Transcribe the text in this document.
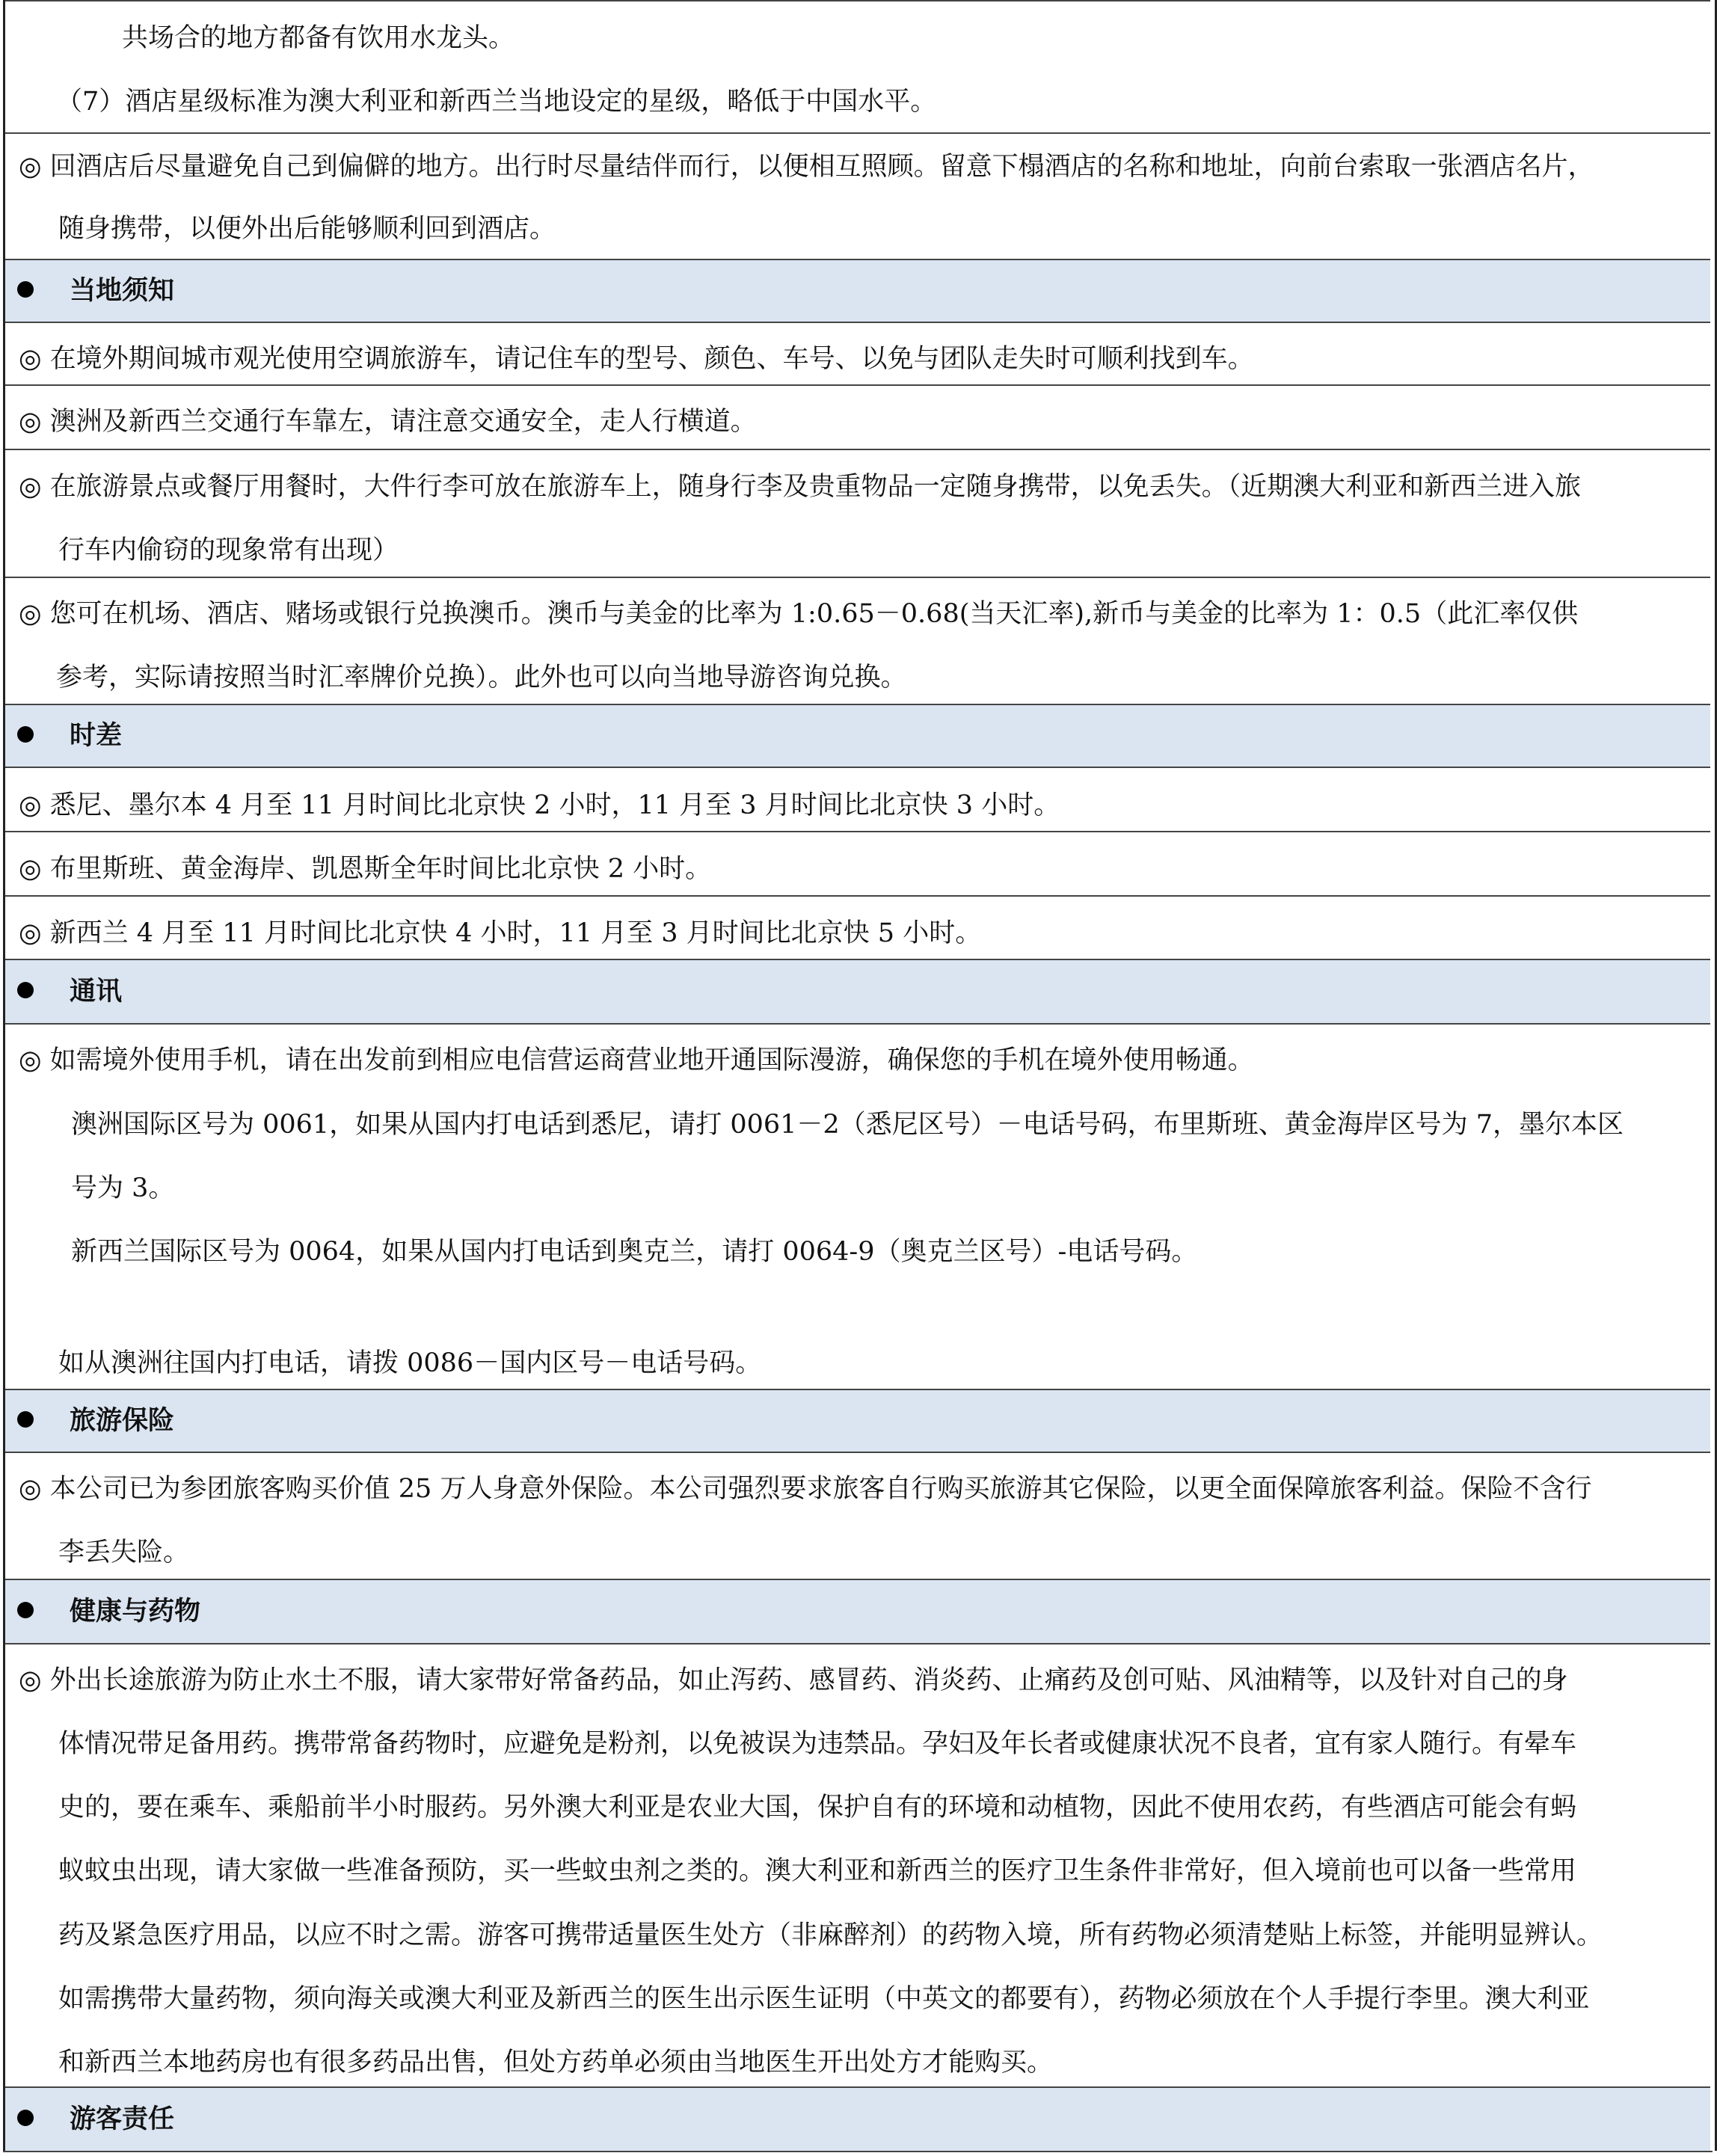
共场合的地方都备有饮用水龙头。
（7）酒店星级标准为澳大利亚和新西兰当地设定的星级，略低于中国水平。
◎ 回酒店后尽量避免自己到偏僻的地方。出行时尽量结伴而行，以便相互照顾。留意下榻酒店的名称和地址，向前台索取一张酒店名片，
随身携带，以便外出后能够顺利回到酒店。
当地须知
◎ 在境外期间城市观光使用空调旅游车，请记住车的型号、颜色、车号、以免与团队走失时可顺利找到车。
◎ 澳洲及新西兰交通行车靠左，请注意交通安全，走人行横道。
◎ 在旅游景点或餐厅用餐时，大件行李可放在旅游车上，随身行李及贵重物品一定随身携带，以免丢失。（近期澳大利亚和新西兰进入旅
行车内偷窃的现象常有出现）
◎ 您可在机场、酒店、赌场或银行兑换澳币。澳币与美金的比率为 1:0.65－0.68(当天汇率),新币与美金的比率为 1：0.5（此汇率仅供
参考，实际请按照当时汇率牌价兑换）。此外也可以向当地导游咨询兑换。
时差
◎ 悉尼、墨尔本 4 月至 11 月时间比北京快 2 小时，11 月至 3 月时间比北京快 3 小时。
◎ 布里斯班、黄金海岸、凯恩斯全年时间比北京快 2 小时。
◎ 新西兰 4 月至 11 月时间比北京快 4 小时，11 月至 3 月时间比北京快 5 小时。
通讯
◎ 如需境外使用手机，请在出发前到相应电信营运商营业地开通国际漫游，确保您的手机在境外使用畅通。
澳洲国际区号为 0061，如果从国内打电话到悉尼，请打 0061－2（悉尼区号）－电话号码，布里斯班、黄金海岸区号为 7，墨尔本区
号为 3。
新西兰国际区号为 0064，如果从国内打电话到奥克兰，请打 0064-9（奥克兰区号）-电话号码。
如从澳洲往国内打电话，请拨 0086－国内区号－电话号码。
旅游保险
◎ 本公司已为参团旅客购买价值 25 万人身意外保险。本公司强烈要求旅客自行购买旅游其它保险，以更全面保障旅客利益。保险不含行
李丢失险。
健康与药物
◎ 外出长途旅游为防止水土不服，请大家带好常备药品，如止泻药、感冒药、消炎药、止痛药及创可贴、风油精等，以及针对自己的身
体情况带足备用药。携带常备药物时，应避免是粉剂，以免被误为违禁品。孕妇及年长者或健康状况不良者，宜有家人随行。有晕车
史的，要在乘车、乘船前半小时服药。另外澳大利亚是农业大国，保护自有的环境和动植物，因此不使用农药，有些酒店可能会有蚂
蚁蚊虫出现，请大家做一些准备预防，买一些蚊虫剂之类的。澳大利亚和新西兰的医疗卫生条件非常好，但入境前也可以备一些常用
药及紧急医疗用品，以应不时之需。游客可携带适量医生处方（非麻醉剂）的药物入境，所有药物必须清楚贴上标签，并能明显辨认。
如需携带大量药物，须向海关或澳大利亚及新西兰的医生出示医生证明（中英文的都要有），药物必须放在个人手提行李里。澳大利亚
和新西兰本地药房也有很多药品出售，但处方药单必须由当地医生开出处方才能购买。
游客责任
